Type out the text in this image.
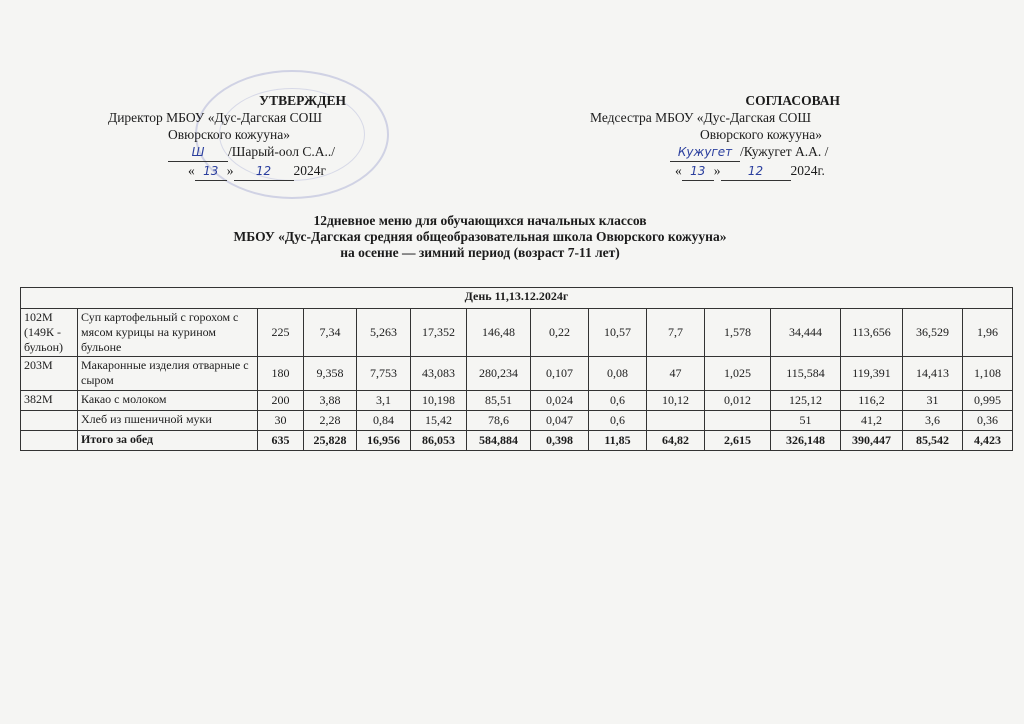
УТВЕРЖДЕН
Директор МБОУ «Дус-Дагская СОШ
Овюрского кожууна»
Ш /Шарый-оол С.А../
« 13 » 12 2024г
СОГЛАСОВАН
Медсестра МБОУ «Дус-Дагская СОШ
Овюрского кожууна»
Кужугет /Кужугет А.А. /
« 13 » 12 2024г.
12дневное меню для обучающихся начальных классов
МБОУ «Дус-Дагская средняя общеобразовательная школа Овюрского кожууна»
на осенне — зимний период (возраст 7-11 лет)
День 11,13.12.2024г														
102М (149К - бульон)	Суп картофельный с горохом с мясом курицы на курином бульоне	225	7,34	5,263	17,352	146,48	0,22	10,57	7,7	1,578	34,444	113,656	36,529	1,96
203М	Макаронные изделия отварные с сыром	180	9,358	7,753	43,083	280,234	0,107	0,08	47	1,025	115,584	119,391	14,413	1,108
382М	Какао с молоком	200	3,88	3,1	10,198	85,51	0,024	0,6	10,12	0,012	125,12	116,2	31	0,995
	Хлеб из пшеничной муки	30	2,28	0,84	15,42	78,6	0,047	0,6			51	41,2	3,6	0,36
	Итого за обед	635	25,828	16,956	86,053	584,884	0,398	11,85	64,82	2,615	326,148	390,447	85,542	4,423
